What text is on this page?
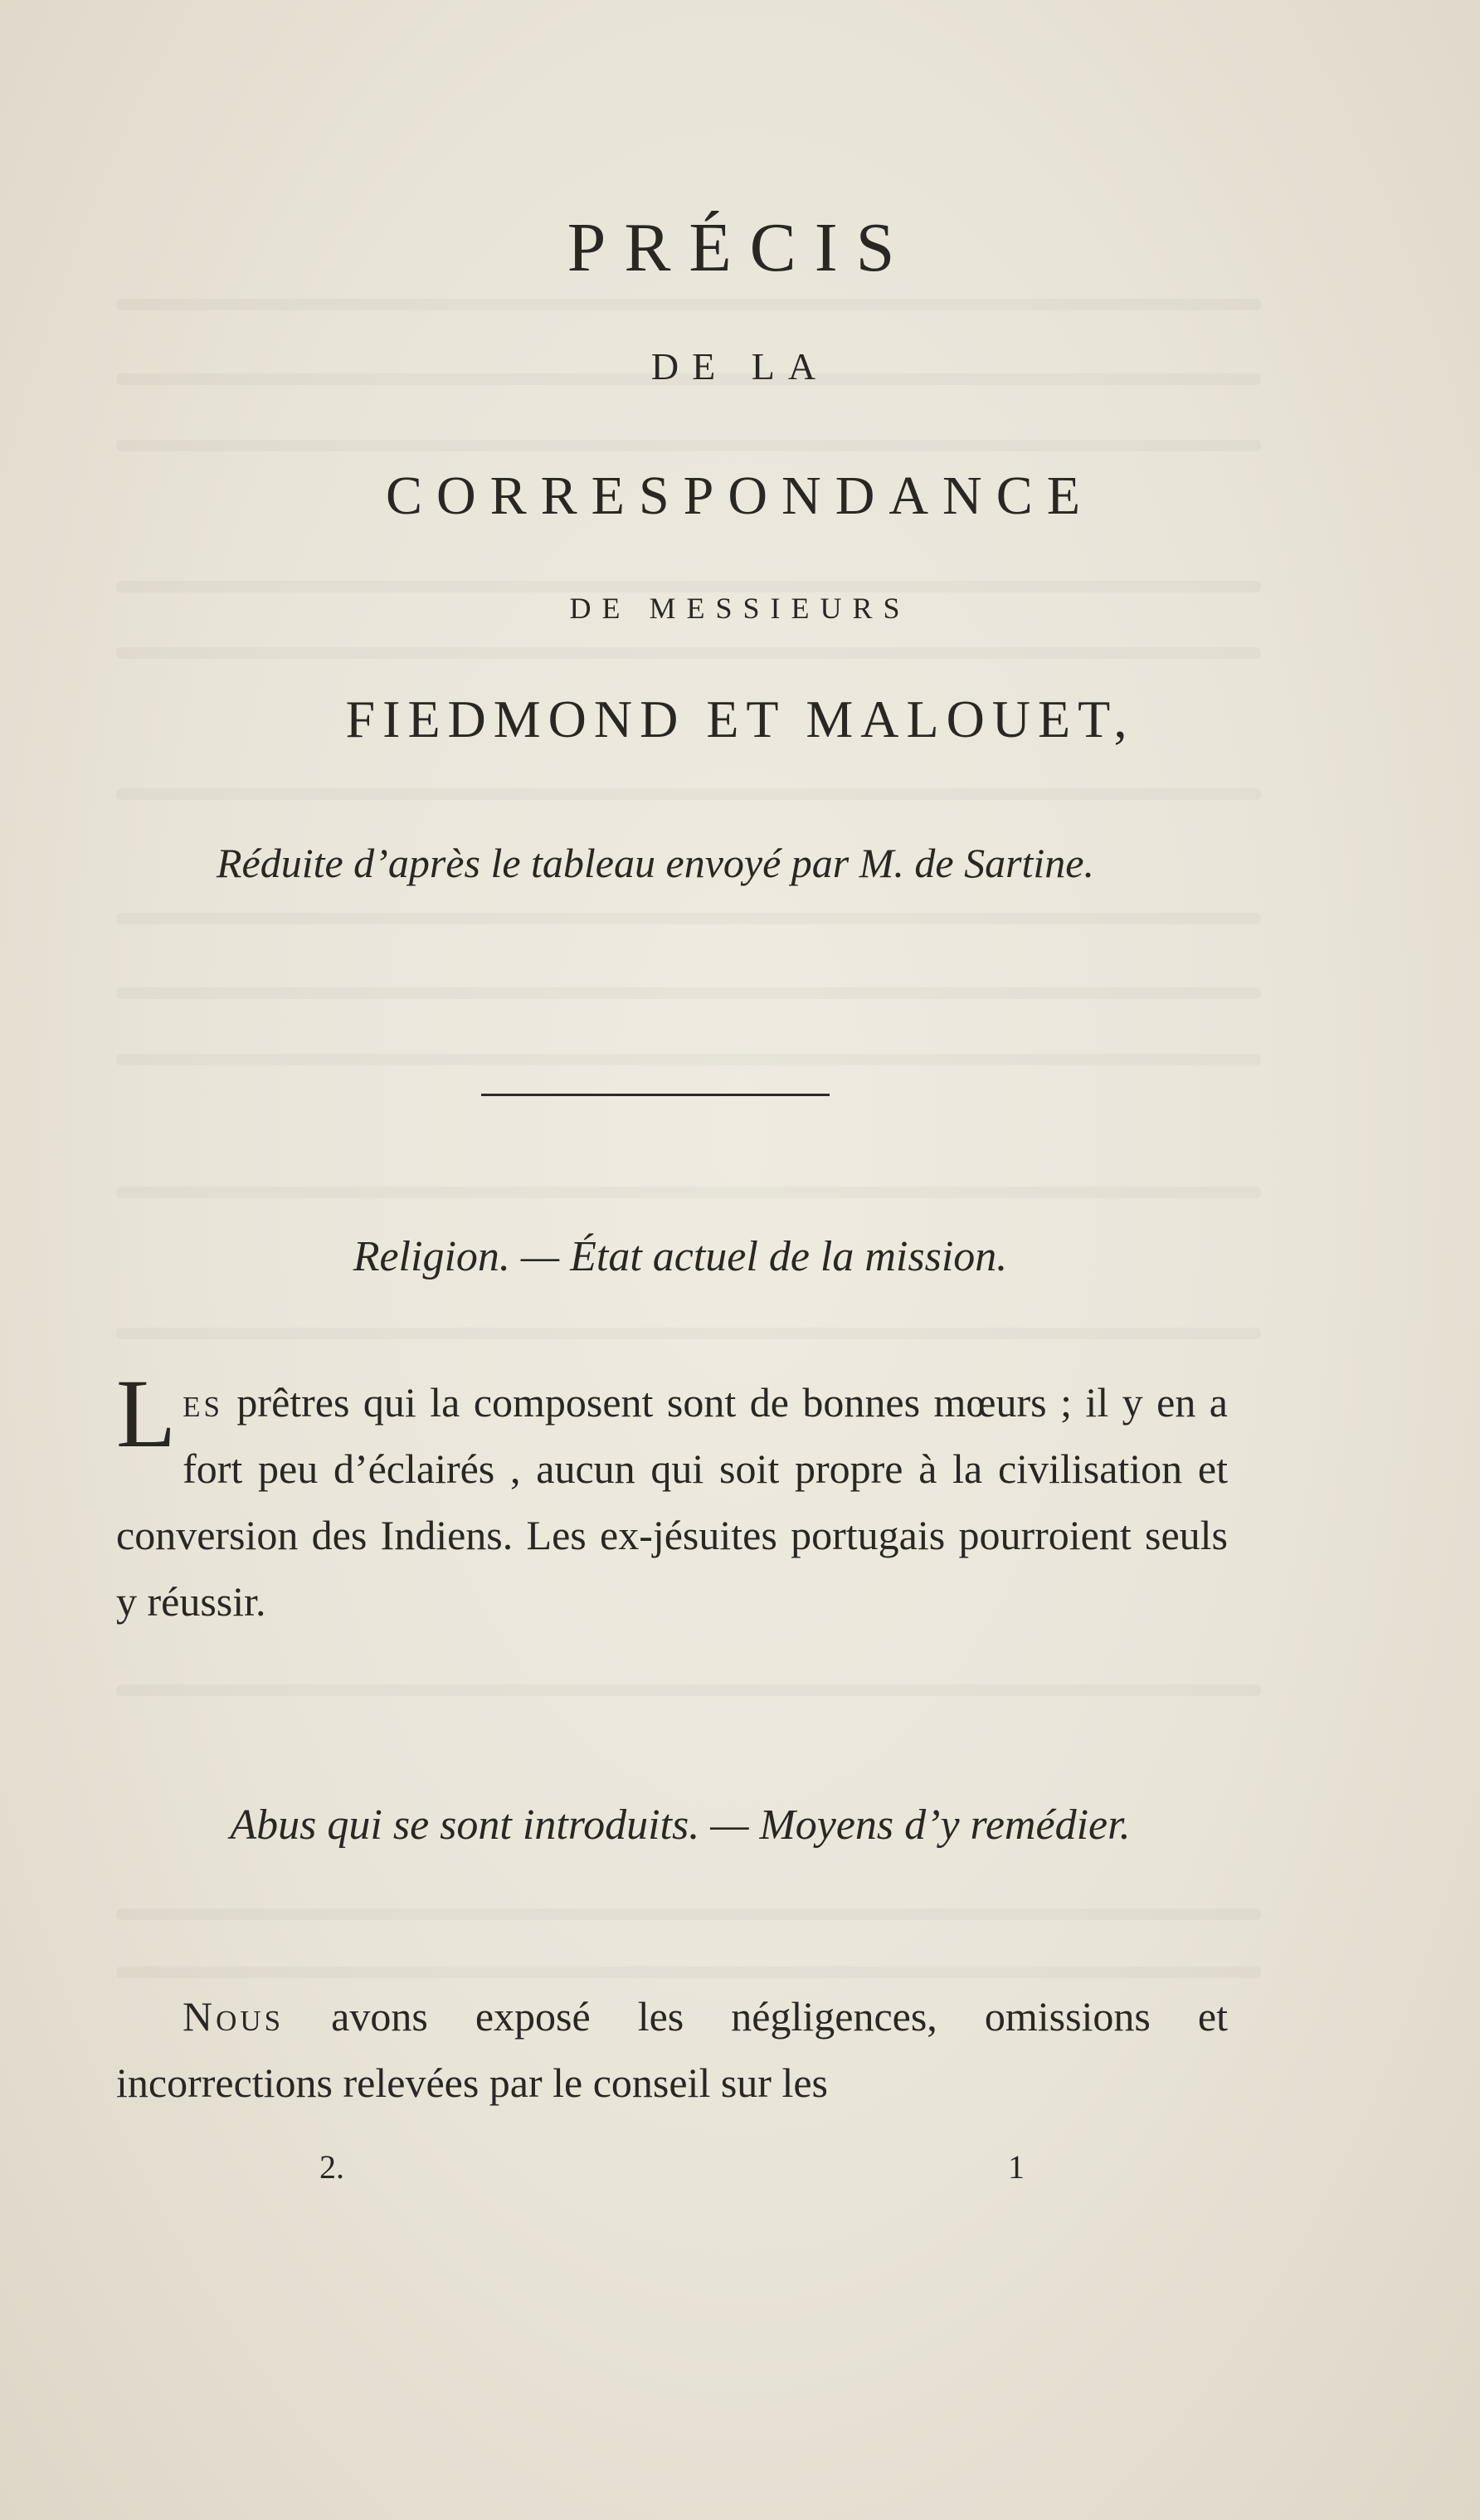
PRÉCIS
DE LA
CORRESPONDANCE
DE MESSIEURS
FIEDMOND ET MALOUET,
Réduite d’après le tableau envoyé par M. de Sartine.
Religion. — État actuel de la mission.
Les prêtres qui la composent sont de bonnes mœurs ; il y en a fort peu d’éclairés , aucun qui soit propre à la civilisation et conversion des Indiens. Les ex-jésuites portugais pourroient seuls y réussir.
Abus qui se sont introduits. — Moyens d’y remédier.
Nous avons exposé les négligences, omissions et incorrections relevées par le conseil sur les
2.	1
